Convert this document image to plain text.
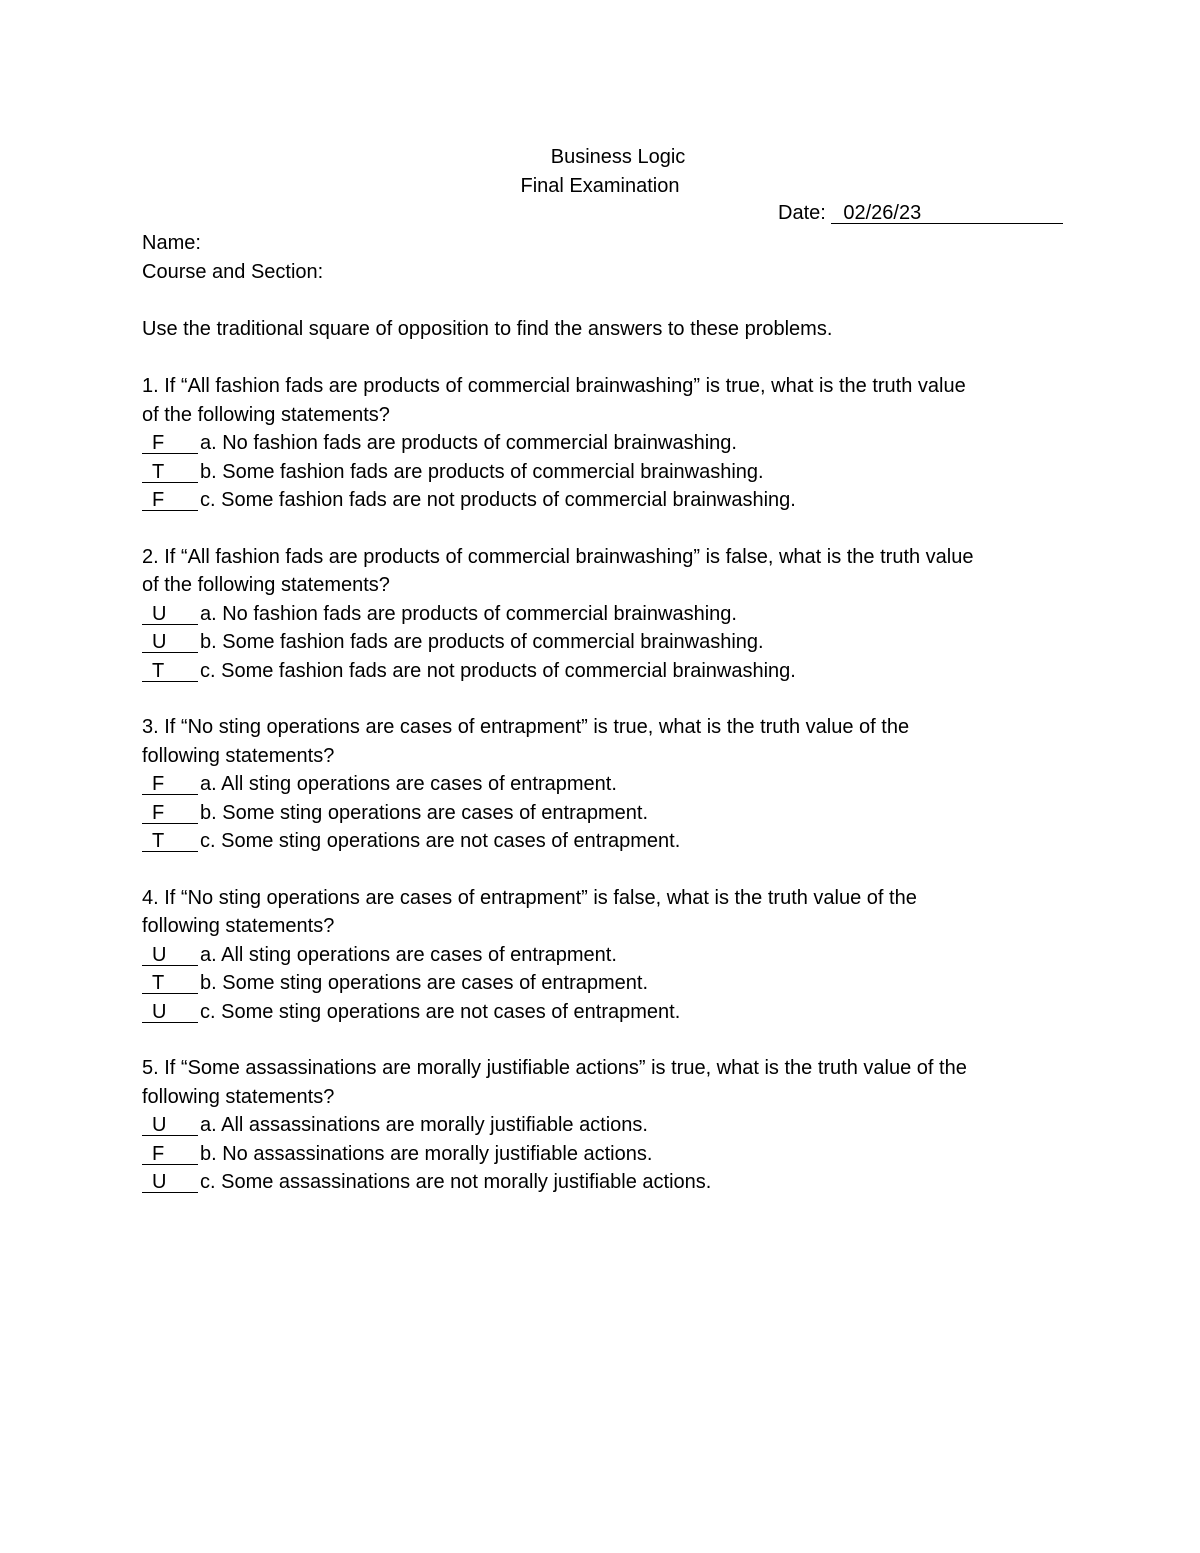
Business Logic
Final Examination
Date: 02/26/23
Name:
Course and Section:
Use the traditional square of opposition to find the answers to these problems.
1. If “All fashion fads are products of commercial brainwashing” is true, what is the truth value
of the following statements?
F a. No fashion fads are products of commercial brainwashing.
T b. Some fashion fads are products of commercial brainwashing.
F c. Some fashion fads are not products of commercial brainwashing.
2. If “All fashion fads are products of commercial brainwashing” is false, what is the truth value
of the following statements?
U a. No fashion fads are products of commercial brainwashing.
U b. Some fashion fads are products of commercial brainwashing.
T c. Some fashion fads are not products of commercial brainwashing.
3. If “No sting operations are cases of entrapment” is true, what is the truth value of the
following statements?
F a. All sting operations are cases of entrapment.
F b. Some sting operations are cases of entrapment.
T c. Some sting operations are not cases of entrapment.
4. If “No sting operations are cases of entrapment” is false, what is the truth value of the
following statements?
U a. All sting operations are cases of entrapment.
T b. Some sting operations are cases of entrapment.
U c. Some sting operations are not cases of entrapment.
5. If “Some assassinations are morally justifiable actions” is true, what is the truth value of the
following statements?
U a. All assassinations are morally justifiable actions.
F b. No assassinations are morally justifiable actions.
U c. Some assassinations are not morally justifiable actions.
